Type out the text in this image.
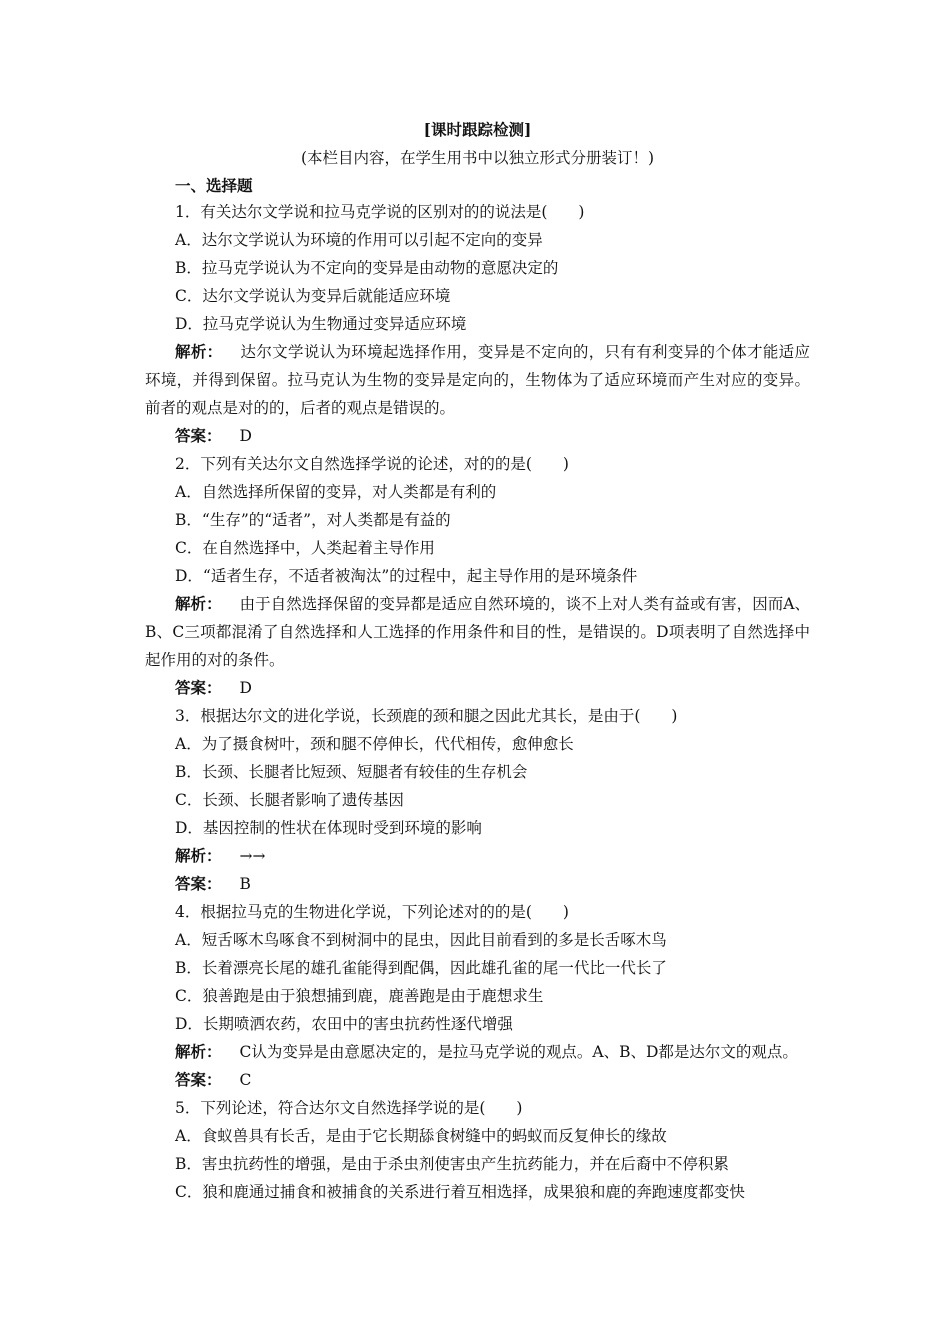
[课时跟踪检测]
(本栏目内容，在学生用书中以独立形式分册装订！)
一、选择题
1．有关达尔文学说和拉马克学说的区别对的的说法是(　　)
A．达尔文学说认为环境的作用可以引起不定向的变异
B．拉马克学说认为不定向的变异是由动物的意愿决定的
C．达尔文学说认为变异后就能适应环境
D．拉马克学说认为生物通过变异适应环境
解析： 达尔文学说认为环境起选择作用，变异是不定向的，只有有利变异的个体才能适应环境，并得到保留。拉马克认为生物的变异是定向的，生物体为了适应环境而产生对应的变异。前者的观点是对的的，后者的观点是错误的。
答案： D
2．下列有关达尔文自然选择学说的论述，对的的是(　　)
A．自然选择所保留的变异，对人类都是有利的
B．“生存”的“适者”，对人类都是有益的
C．在自然选择中，人类起着主导作用
D．“适者生存，不适者被淘汰”的过程中，起主导作用的是环境条件
解析： 由于自然选择保留的变异都是适应自然环境的，谈不上对人类有益或有害，因而A、B、C三项都混淆了自然选择和人工选择的作用条件和目的性，是错误的。D项表明了自然选择中起作用的对的条件。
答案： D
3．根据达尔文的进化学说，长颈鹿的颈和腿之因此尤其长，是由于(　　)
A．为了摄食树叶，颈和腿不停伸长，代代相传，愈伸愈长
B．长颈、长腿者比短颈、短腿者有较佳的生存机会
C．长颈、长腿者影响了遗传基因
D．基因控制的性状在体现时受到环境的影响
解析： →→
答案： B
4．根据拉马克的生物进化学说，下列论述对的的是(　　)
A．短舌啄木鸟啄食不到树洞中的昆虫，因此目前看到的多是长舌啄木鸟
B．长着漂亮长尾的雄孔雀能得到配偶，因此雄孔雀的尾一代比一代长了
C．狼善跑是由于狼想捕到鹿，鹿善跑是由于鹿想求生
D．长期喷洒农药，农田中的害虫抗药性逐代增强
解析： C认为变异是由意愿决定的，是拉马克学说的观点。A、B、D都是达尔文的观点。
答案： C
5．下列论述，符合达尔文自然选择学说的是(　　)
A．食蚁兽具有长舌，是由于它长期舔食树缝中的蚂蚁而反复伸长的缘故
B．害虫抗药性的增强，是由于杀虫剂使害虫产生抗药能力，并在后裔中不停积累
C．狼和鹿通过捕食和被捕食的关系进行着互相选择，成果狼和鹿的奔跑速度都变快
